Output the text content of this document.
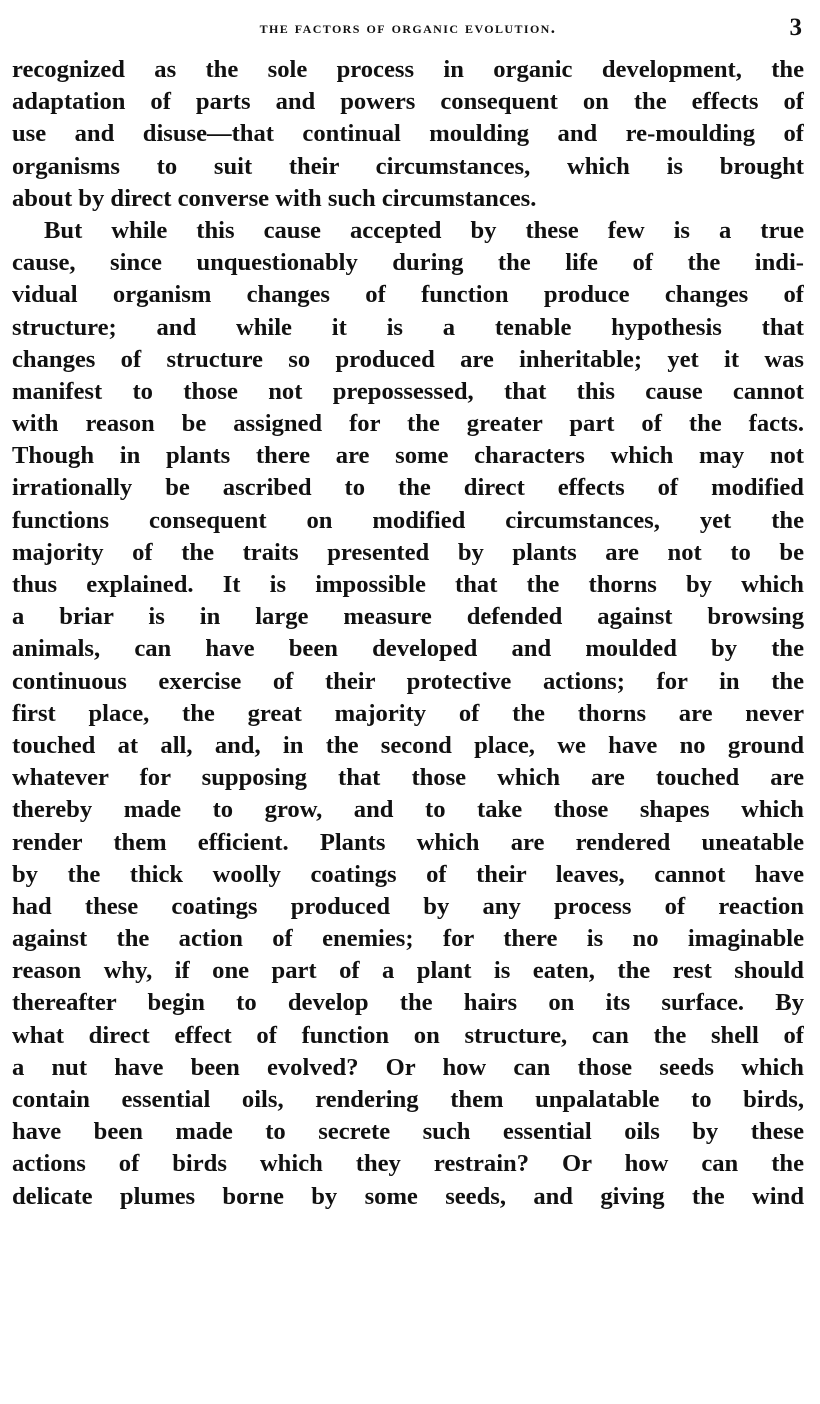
the factors of organic evolution.	3
recognized as the sole process in organic development, the
adaptation of parts and powers consequent on the effects of
use and disuse—that continual moulding and re-moulding of
organisms to suit their circumstances, which is brought
about by direct converse with such circumstances.
But while this cause accepted by these few is a true
cause, since unquestionably during the life of the indi-
vidual organism changes of function produce changes of
structure; and while it is a tenable hypothesis that
changes of structure so produced are inheritable; yet it was
manifest to those not prepossessed, that this cause cannot
with reason be assigned for the greater part of the facts.
Though in plants there are some characters which may not
irrationally be ascribed to the direct effects of modified
functions consequent on modified circumstances, yet the
majority of the traits presented by plants are not to be
thus explained. It is impossible that the thorns by which
a briar is in large measure defended against browsing
animals, can have been developed and moulded by the
continuous exercise of their protective actions; for in the
first place, the great majority of the thorns are never
touched at all, and, in the second place, we have no ground
whatever for supposing that those which are touched are
thereby made to grow, and to take those shapes which
render them efficient. Plants which are rendered uneatable
by the thick woolly coatings of their leaves, cannot have
had these coatings produced by any process of reaction
against the action of enemies; for there is no imaginable
reason why, if one part of a plant is eaten, the rest should
thereafter begin to develop the hairs on its surface. By
what direct effect of function on structure, can the shell of
a nut have been evolved? Or how can those seeds which
contain essential oils, rendering them unpalatable to birds,
have been made to secrete such essential oils by these
actions of birds which they restrain? Or how can the
delicate plumes borne by some seeds, and giving the wind
